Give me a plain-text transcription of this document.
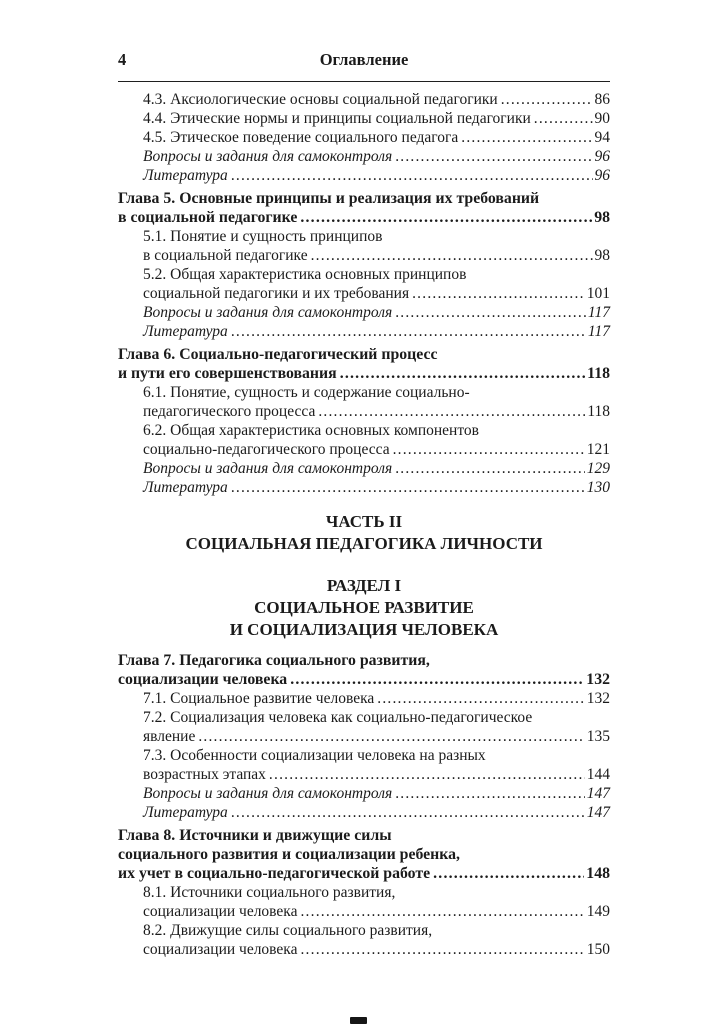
4	Оглавление
4.3. Аксиологические основы социальной педагогики .....	86
4.4. Этические нормы и принципы социальной педагогики .....	90
4.5. Этическое поведение социального педагога .....	94
Вопросы и задания для самоконтроля .....	96
Литература .....	96
Глава 5. Основные принципы и реализация их требований
в социальной педагогике .....	98
5.1. Понятие и сущность принципов
в социальной педагогике .....	98
5.2. Общая характеристика основных принципов
социальной педагогики и их требования .....	101
Вопросы и задания для самоконтроля .....	117
Литература .....	117
Глава 6. Социально-педагогический процесс
и пути его совершенствования .....	118
6.1. Понятие, сущность и содержание социально-
педагогического процесса .....	118
6.2. Общая характеристика основных компонентов
социально-педагогического процесса .....	121
Вопросы и задания для самоконтроля .....	129
Литература .....	130
ЧАСТЬ II
СОЦИАЛЬНАЯ ПЕДАГОГИКА ЛИЧНОСТИ
РАЗДЕЛ I
СОЦИАЛЬНОЕ РАЗВИТИЕ
И СОЦИАЛИЗАЦИЯ ЧЕЛОВЕКА
Глава 7. Педагогика социального развития,
социализации человека .....	132
7.1. Социальное развитие человека .....	132
7.2. Социализация человека как социально-педагогическое
явление .....	135
7.3. Особенности социализации человека на разных
возрастных этапах .....	144
Вопросы и задания для самоконтроля .....	147
Литература .....	147
Глава 8. Источники и движущие силы
социального развития и социализации ребенка,
их учет в социально-педагогической работе .....	148
8.1. Источники социального развития,
социализации человека .....	149
8.2. Движущие силы социального развития,
социализации человека .....	150
